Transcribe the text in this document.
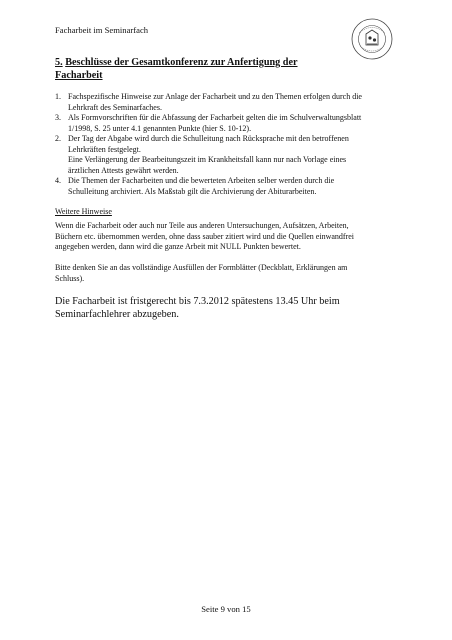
Facharbeit im Seminarfach
5. Beschlüsse der Gesamtkonferenz zur Anfertigung der
Facharbeit
1. Fachspezifische Hinweise zur Anlage der Facharbeit und zu den Themen erfolgen durch die
Lehrkraft des Seminarfaches.
3. Als Formvorschriften für die Abfassung der Facharbeit gelten die im Schulverwaltungsblatt
1/1998, S. 25 unter 4.1 genannten Punkte (hier S. 10-12).
2. Der Tag der Abgabe wird durch die Schulleitung nach Rücksprache mit den betroffenen
Lehrkräften festgelegt.
Eine Verlängerung der Bearbeitungszeit im Krankheitsfall kann nur nach Vorlage eines
ärztlichen Attests gewährt werden.
4. Die Themen der Facharbeiten und die bewerteten Arbeiten selber werden durch die
Schulleitung archiviert. Als Maßstab gilt die Archivierung der Abiturarbeiten.
Weitere Hinweise
Wenn die Facharbeit oder auch nur Teile aus anderen Untersuchungen, Aufsätzen, Arbeiten,
Büchern etc. übernommen werden, ohne dass sauber zitiert wird und die Quellen einwandfrei
angegeben werden, dann wird die ganze Arbeit mit NULL Punkten bewertet.
Bitte denken Sie an das vollständige Ausfüllen der Formblätter (Deckblatt, Erklärungen am
Schluss).
Die Facharbeit ist fristgerecht bis 7.3.2012 spätestens 13.45 Uhr beim
Seminarfachlehrer abzugeben.
Seite 9 von 15
